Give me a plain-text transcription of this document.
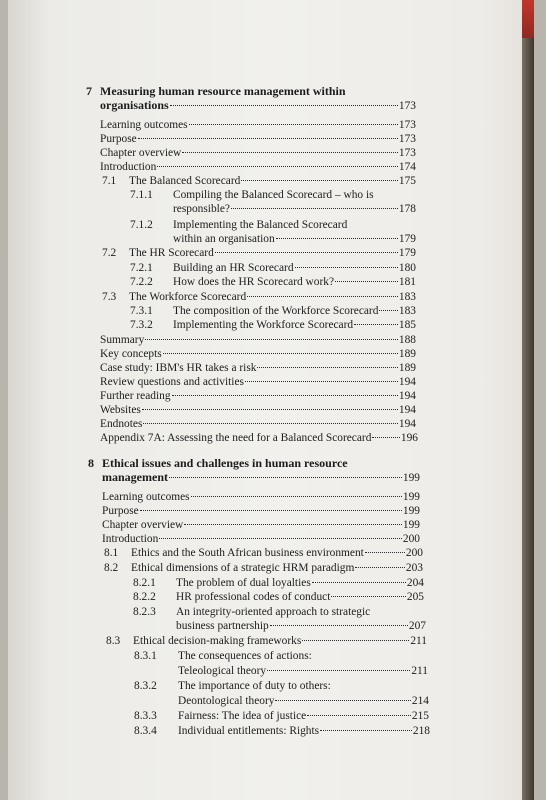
7 Measuring human resource management within
organisations	173
Learning outcomes	173
Purpose	173
Chapter overview	173
Introduction	174
7.1 The Balanced Scorecard	175
7.1.1 Compiling the Balanced Scorecard – who is
responsible?	178
7.1.2 Implementing the Balanced Scorecard
within an organisation	179
7.2 The HR Scorecard	179
7.2.1 Building an HR Scorecard	180
7.2.2 How does the HR Scorecard work?	181
7.3 The Workforce Scorecard	183
7.3.1 The composition of the Workforce Scorecard 183
7.3.2 Implementing the Workforce Scorecard	185
Summary	188
Key concepts	189
Case study: IBM's HR takes a risk	189
Review questions and activities	194
Further reading	194
Websites	194
Endnotes	194
Appendix 7A: Assessing the need for a Balanced Scorecard	196
8 Ethical issues and challenges in human resource
management	199
Learning outcomes	199
Purpose	199
Chapter overview	199
Introduction	200
8.1 Ethics and the South African business environment	200
8.2 Ethical dimensions of a strategic HRM paradigm	203
8.2.1 The problem of dual loyalties	204
8.2.2 HR professional codes of conduct	205
8.2.3 An integrity-oriented approach to strategic
business partnership	207
8.3 Ethical decision-making frameworks	211
8.3.1 The consequences of actions:
Teleological theory	211
8.3.2 The importance of duty to others:
Deontological theory	214
8.3.3 Fairness: The idea of justice	215
8.3.4 Individual entitlements: Rights	218
